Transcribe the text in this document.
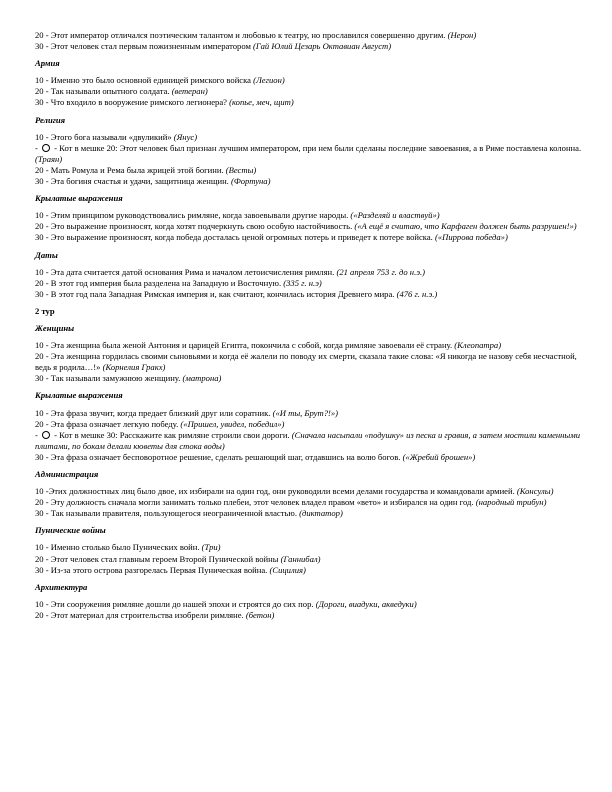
20 - Этот император отличался поэтическим талантом и любовью к театру, но прославился совершенно другим. (Нерон)
30 - Этот человек стал первым пожизненным императором (Гай Юлий Цезарь Октавиан Август)
Армия
10 - Именно это было основной единицей римского войска (Легион)
20 - Так называли опытного солдата. (ветеран)
30 - Что входило в вооружение римского легионера? (копье, меч, щит)
Религия
10 - Этого бога называли «двуликий» (Янус)
-  - Кот в мешке 20: Этот человек был признан лучшим императором, при нем были сделаны последние завоевания, а в Риме поставлена колонна. (Траян)
20 - Мать Ромула и Рема была жрицей этой богини. (Весты)
30 - Эта богиня счастья и удачи, защитница женщин. (Фортуна)
Крылатые выражения
10 - Этим принципом руководствовались римляне, когда завоевывали другие народы. («Разделяй и властвуй»)
20 - Это выражение произносят, когда хотят подчеркнуть свою особую настойчивость. («А ещё я считаю, что Карфаген должен быть разрушен!»)
30 - Это выражение произносят, когда победа досталась ценой огромных потерь и приведет к потере войска. («Пиррова победа»)
Даты
10 - Эта дата считается датой основания Рима и началом летоисчисления римлян. (21 апреля 753 г. до н.э.)
20 - В этот год империя была разделена на Западную и Восточную. (335 г. н.э)
30 - В этот год пала Западная Римская империя и, как считают, кончилась история Древнего мира. (476 г. н.э.)
2 тур
Женщины
10 - Эта женщина была женой Антония и царицей Египта, покончила с собой, когда римляне завоевали её страну. (Клеопатра)
20 - Эта женщина гордилась своими сыновьями и когда её жалели по поводу их смерти, сказала такие слова: «Я никогда не назову себя несчастной, ведь я родила…!» (Корнелия Гракх)
30 - Так называли замужнюю женщину. (матрона)
Крылатые выражения
10 - Эта фраза звучит, когда предает близкий друг или соратник. («И ты, Брут?!»)
20 - Эта фраза означает легкую победу. («Пришел, увидел, победил»)
-  - Кот в мешке 30: Расскажите как римляне строили свои дороги. (Сначала насыпали «подушку» из песка и гравия, а затем мостили каменными плитами, по бокам делали кюветы для стока воды)
30 - Эта фраза означает бесповоротное решение, сделать решающий шаг, отдавшись на волю богов. («Жребий брошен»)
Администрация
10 -Этих должностных лиц было двое, их избирали на один год, они руководили всеми делами государства и командовали армией. (Консулы)
20 - Эту должность сначала могли занимать только плебеи, этот человек владел правом «вето» и избирался на один год. (народный трибун)
30 - Так называли правителя, пользующегося неограниченной властью. (диктатор)
Пунические войны
10 - Именно столько было Пунических войн. (Три)
20 - Этот человек стал главным героем Второй Пунической войны (Ганнибал)
30 - Из-за этого острова разгорелась Первая Пуническая война. (Сицилия)
Архитектура
10 - Эти сооружения римляне дошли до нашей эпохи и строятся до сих пор. (Дороги, виадуки, акведуки)
20 - Этот материал для строительства изобрели римляне. (бетон)
